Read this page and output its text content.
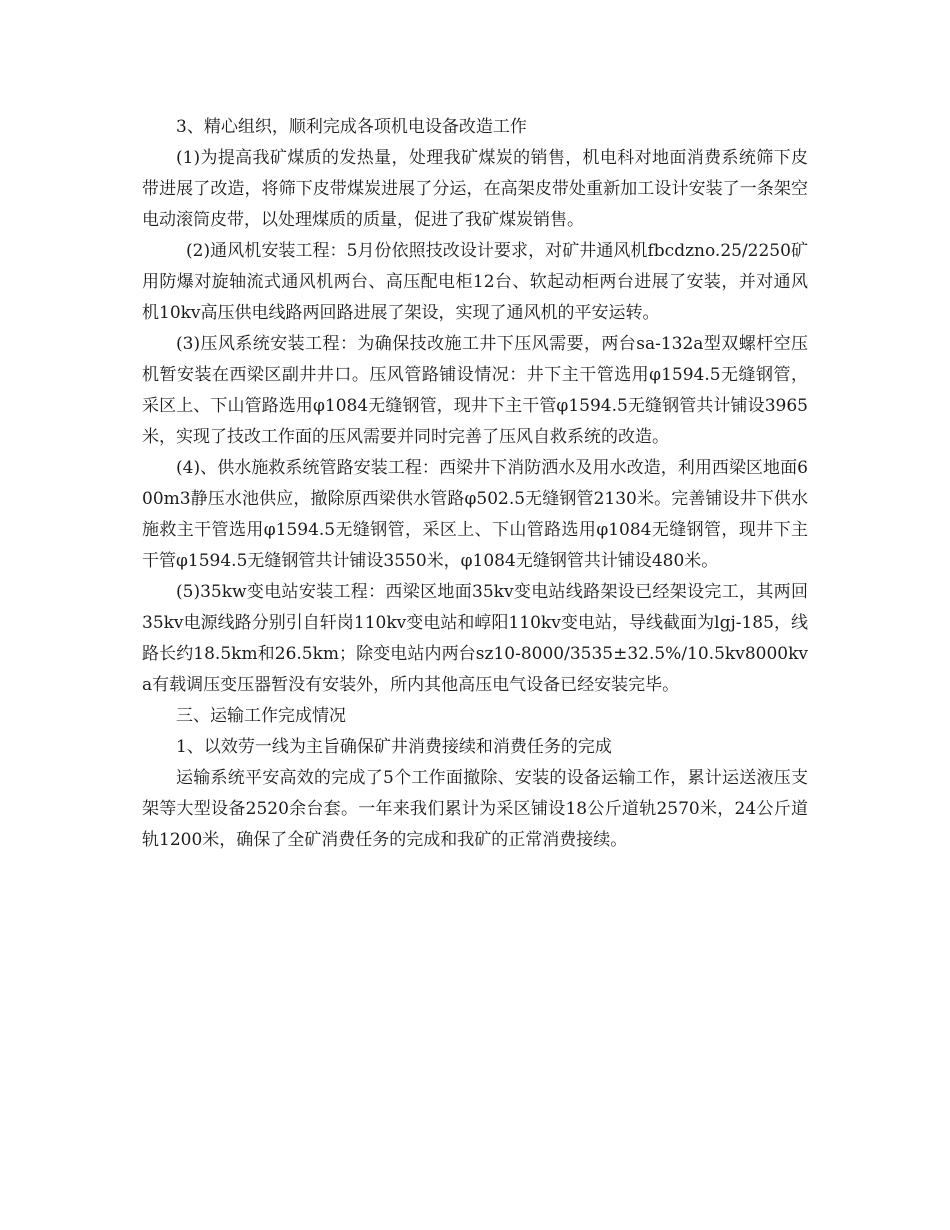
3、精心组织，顺利完成各项机电设备改造工作

(1)为提高我矿煤质的发热量，处理我矿煤炭的销售，机电科对地面消费系统筛下皮带进展了改造，将筛下皮带煤炭进展了分运，在高架皮带处重新加工设计安装了一条架空电动滚筒皮带，以处理煤质的质量，促进了我矿煤炭销售。

(2)通风机安装工程：5月份依照技改设计要求，对矿井通风机fbcdzno.25/2250矿用防爆对旋轴流式通风机两台、高压配电柜12台、软起动柜两台进展了安装，并对通风机10kv高压供电线路两回路进展了架设，实现了通风机的平安运转。

(3)压风系统安装工程：为确保技改施工井下压风需要，两台sa-132a型双螺杆空压机暂安装在西梁区副井井口。压风管路铺设情况：井下主干管选用φ1594.5无缝钢管，采区上、下山管路选用φ1084无缝钢管，现井下主干管φ1594.5无缝钢管共计铺设3965米，实现了技改工作面的压风需要并同时完善了压风自救系统的改造。

(4)、供水施救系统管路安装工程：西梁井下消防洒水及用水改造，利用西梁区地面600m3静压水池供应，撤除原西梁供水管路φ502.5无缝钢管2130米。完善铺设井下供水施救主干管选用φ1594.5无缝钢管，采区上、下山管路选用φ1084无缝钢管，现井下主干管φ1594.5无缝钢管共计铺设3550米，φ1084无缝钢管共计铺设480米。

(5)35kw变电站安装工程：西梁区地面35kv变电站线路架设已经架设完工，其两回35kv电源线路分别引自轩岗110kv变电站和崞阳110kv变电站，导线截面为lgj-185，线路长约18.5km和26.5km；除变电站内两台sz10-8000/3535±32.5%/10.5kv8000kva有载调压变压器暂没有安装外，所内其他高压电气设备已经安装完毕。

三、运输工作完成情况

1、以效劳一线为主旨确保矿井消费接续和消费任务的完成

运输系统平安高效的完成了5个工作面撤除、安装的设备运输工作，累计运送液压支架等大型设备2520余台套。一年来我们累计为采区铺设18公斤道轨2570米，24公斤道轨1200米，确保了全矿消费任务的完成和我矿的正常消费接续。
